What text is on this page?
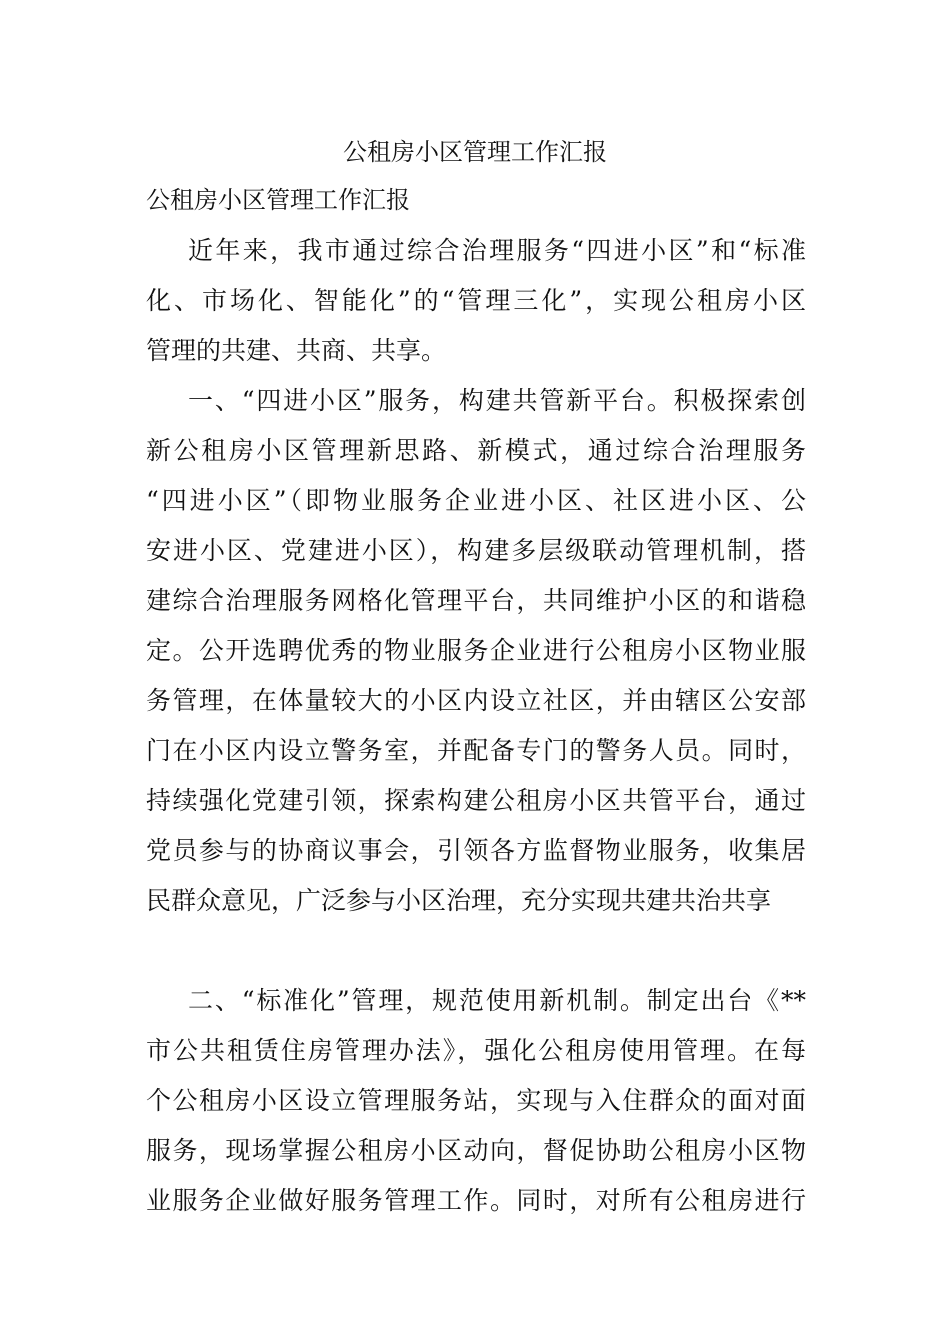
公租房小区管理工作汇报

公租房小区管理工作汇报

近年来，我市通过综合治理服务“四进小区”和“标准
化、市场化、智能化”的“管理三化”，实现公租房小区
管理的共建、共商、共享。
一、“四进小区”服务，构建共管新平台。积极探索创
新公租房小区管理新思路、新模式，通过综合治理服务
“四进小区”（即物业服务企业进小区、社区进小区、公
安进小区、党建进小区），构建多层级联动管理机制，搭
建综合治理服务网格化管理平台，共同维护小区的和谐稳
定。公开选聘优秀的物业服务企业进行公租房小区物业服
务管理，在体量较大的小区内设立社区，并由辖区公安部
门在小区内设立警务室，并配备专门的警务人员。同时，
持续强化党建引领，探索构建公租房小区共管平台，通过
党员参与的协商议事会，引领各方监督物业服务，收集居
民群众意见，广泛参与小区治理，充分实现共建共治共享
二、“标准化”管理，规范使用新机制。制定出台《**
市公共租赁住房管理办法》，强化公租房使用管理。在每
个公租房小区设立管理服务站，实现与入住群众的面对面
服务，现场掌握公租房小区动向，督促协助公租房小区物
业服务企业做好服务管理工作。同时，对所有公租房进行
